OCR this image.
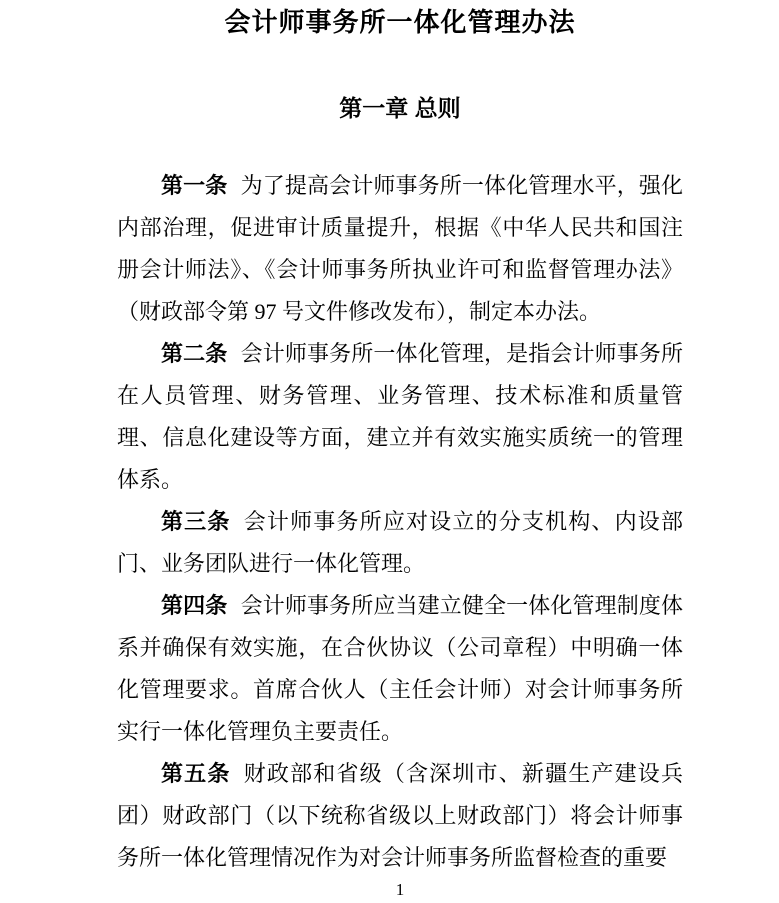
会计师事务所一体化管理办法
第一章 总则

第一条 为了提高会计师事务所一体化管理水平，强化内部治理，促进审计质量提升，根据《中华人民共和国注册会计师法》、《会计师事务所执业许可和监督管理办法》（财政部令第 97 号文件修改发布），制定本办法。

第二条 会计师事务所一体化管理，是指会计师事务所在人员管理、财务管理、业务管理、技术标准和质量管理、信息化建设等方面，建立并有效实施实质统一的管理体系。

第三条 会计师事务所应对设立的分支机构、内设部门、业务团队进行一体化管理。

第四条 会计师事务所应当建立健全一体化管理制度体系并确保有效实施，在合伙协议（公司章程）中明确一体化管理要求。首席合伙人（主任会计师）对会计师事务所实行一体化管理负主要责任。

第五条 财政部和省级（含深圳市、新疆生产建设兵团）财政部门（以下统称省级以上财政部门）将会计师事务所一体化管理情况作为对会计师事务所监督检查的重要

1
